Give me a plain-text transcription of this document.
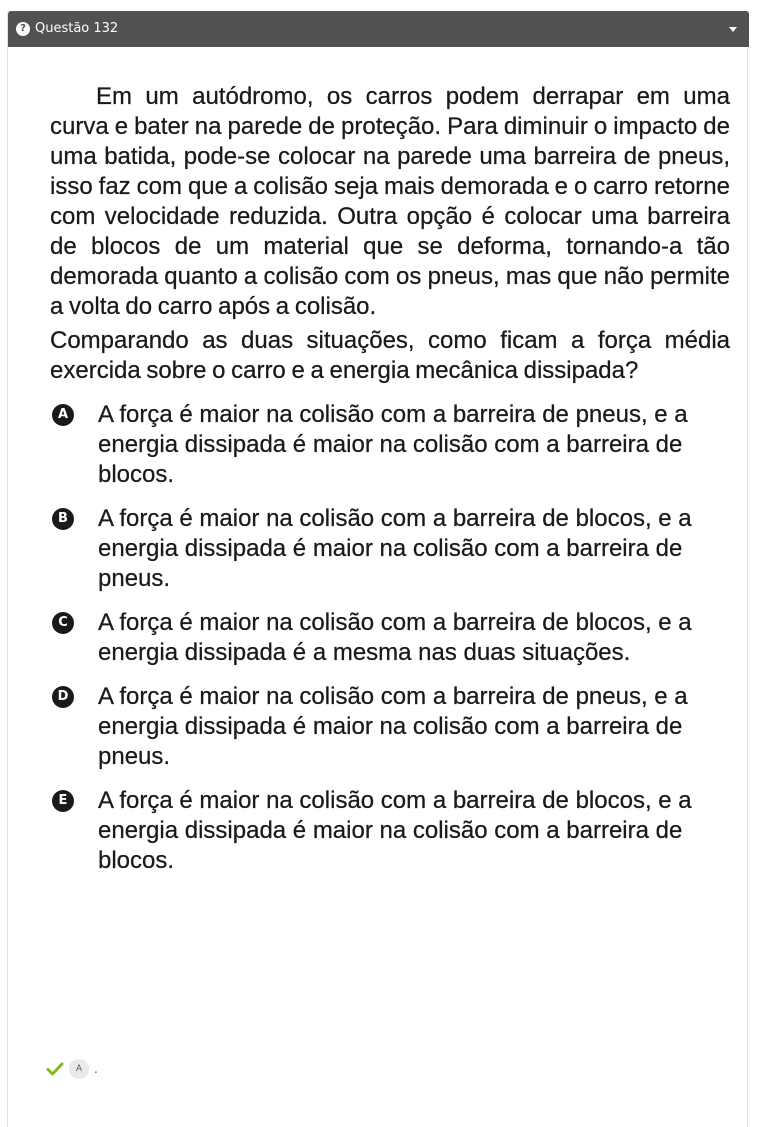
? Questão 132

Em um autódromo, os carros podem derrapar em uma curva e bater na parede de proteção. Para diminuir o impacto de uma batida, pode-se colocar na parede uma barreira de pneus, isso faz com que a colisão seja mais demorada e o carro retorne com velocidade reduzida. Outra opção é colocar uma barreira de blocos de um material que se deforma, tornando-a tão demorada quanto a colisão com os pneus, mas que não permite a volta do carro após a colisão.

Comparando as duas situações, como ficam a força média exercida sobre o carro e a energia mecânica dissipada?

A A força é maior na colisão com a barreira de pneus, e a energia dissipada é maior na colisão com a barreira de blocos.
B A força é maior na colisão com a barreira de blocos, e a energia dissipada é maior na colisão com a barreira de pneus.
C A força é maior na colisão com a barreira de blocos, e a energia dissipada é a mesma nas duas situações.
D A força é maior na colisão com a barreira de pneus, e a energia dissipada é maior na colisão com a barreira de pneus.
E A força é maior na colisão com a barreira de blocos, e a energia dissipada é maior na colisão com a barreira de blocos.
A .
